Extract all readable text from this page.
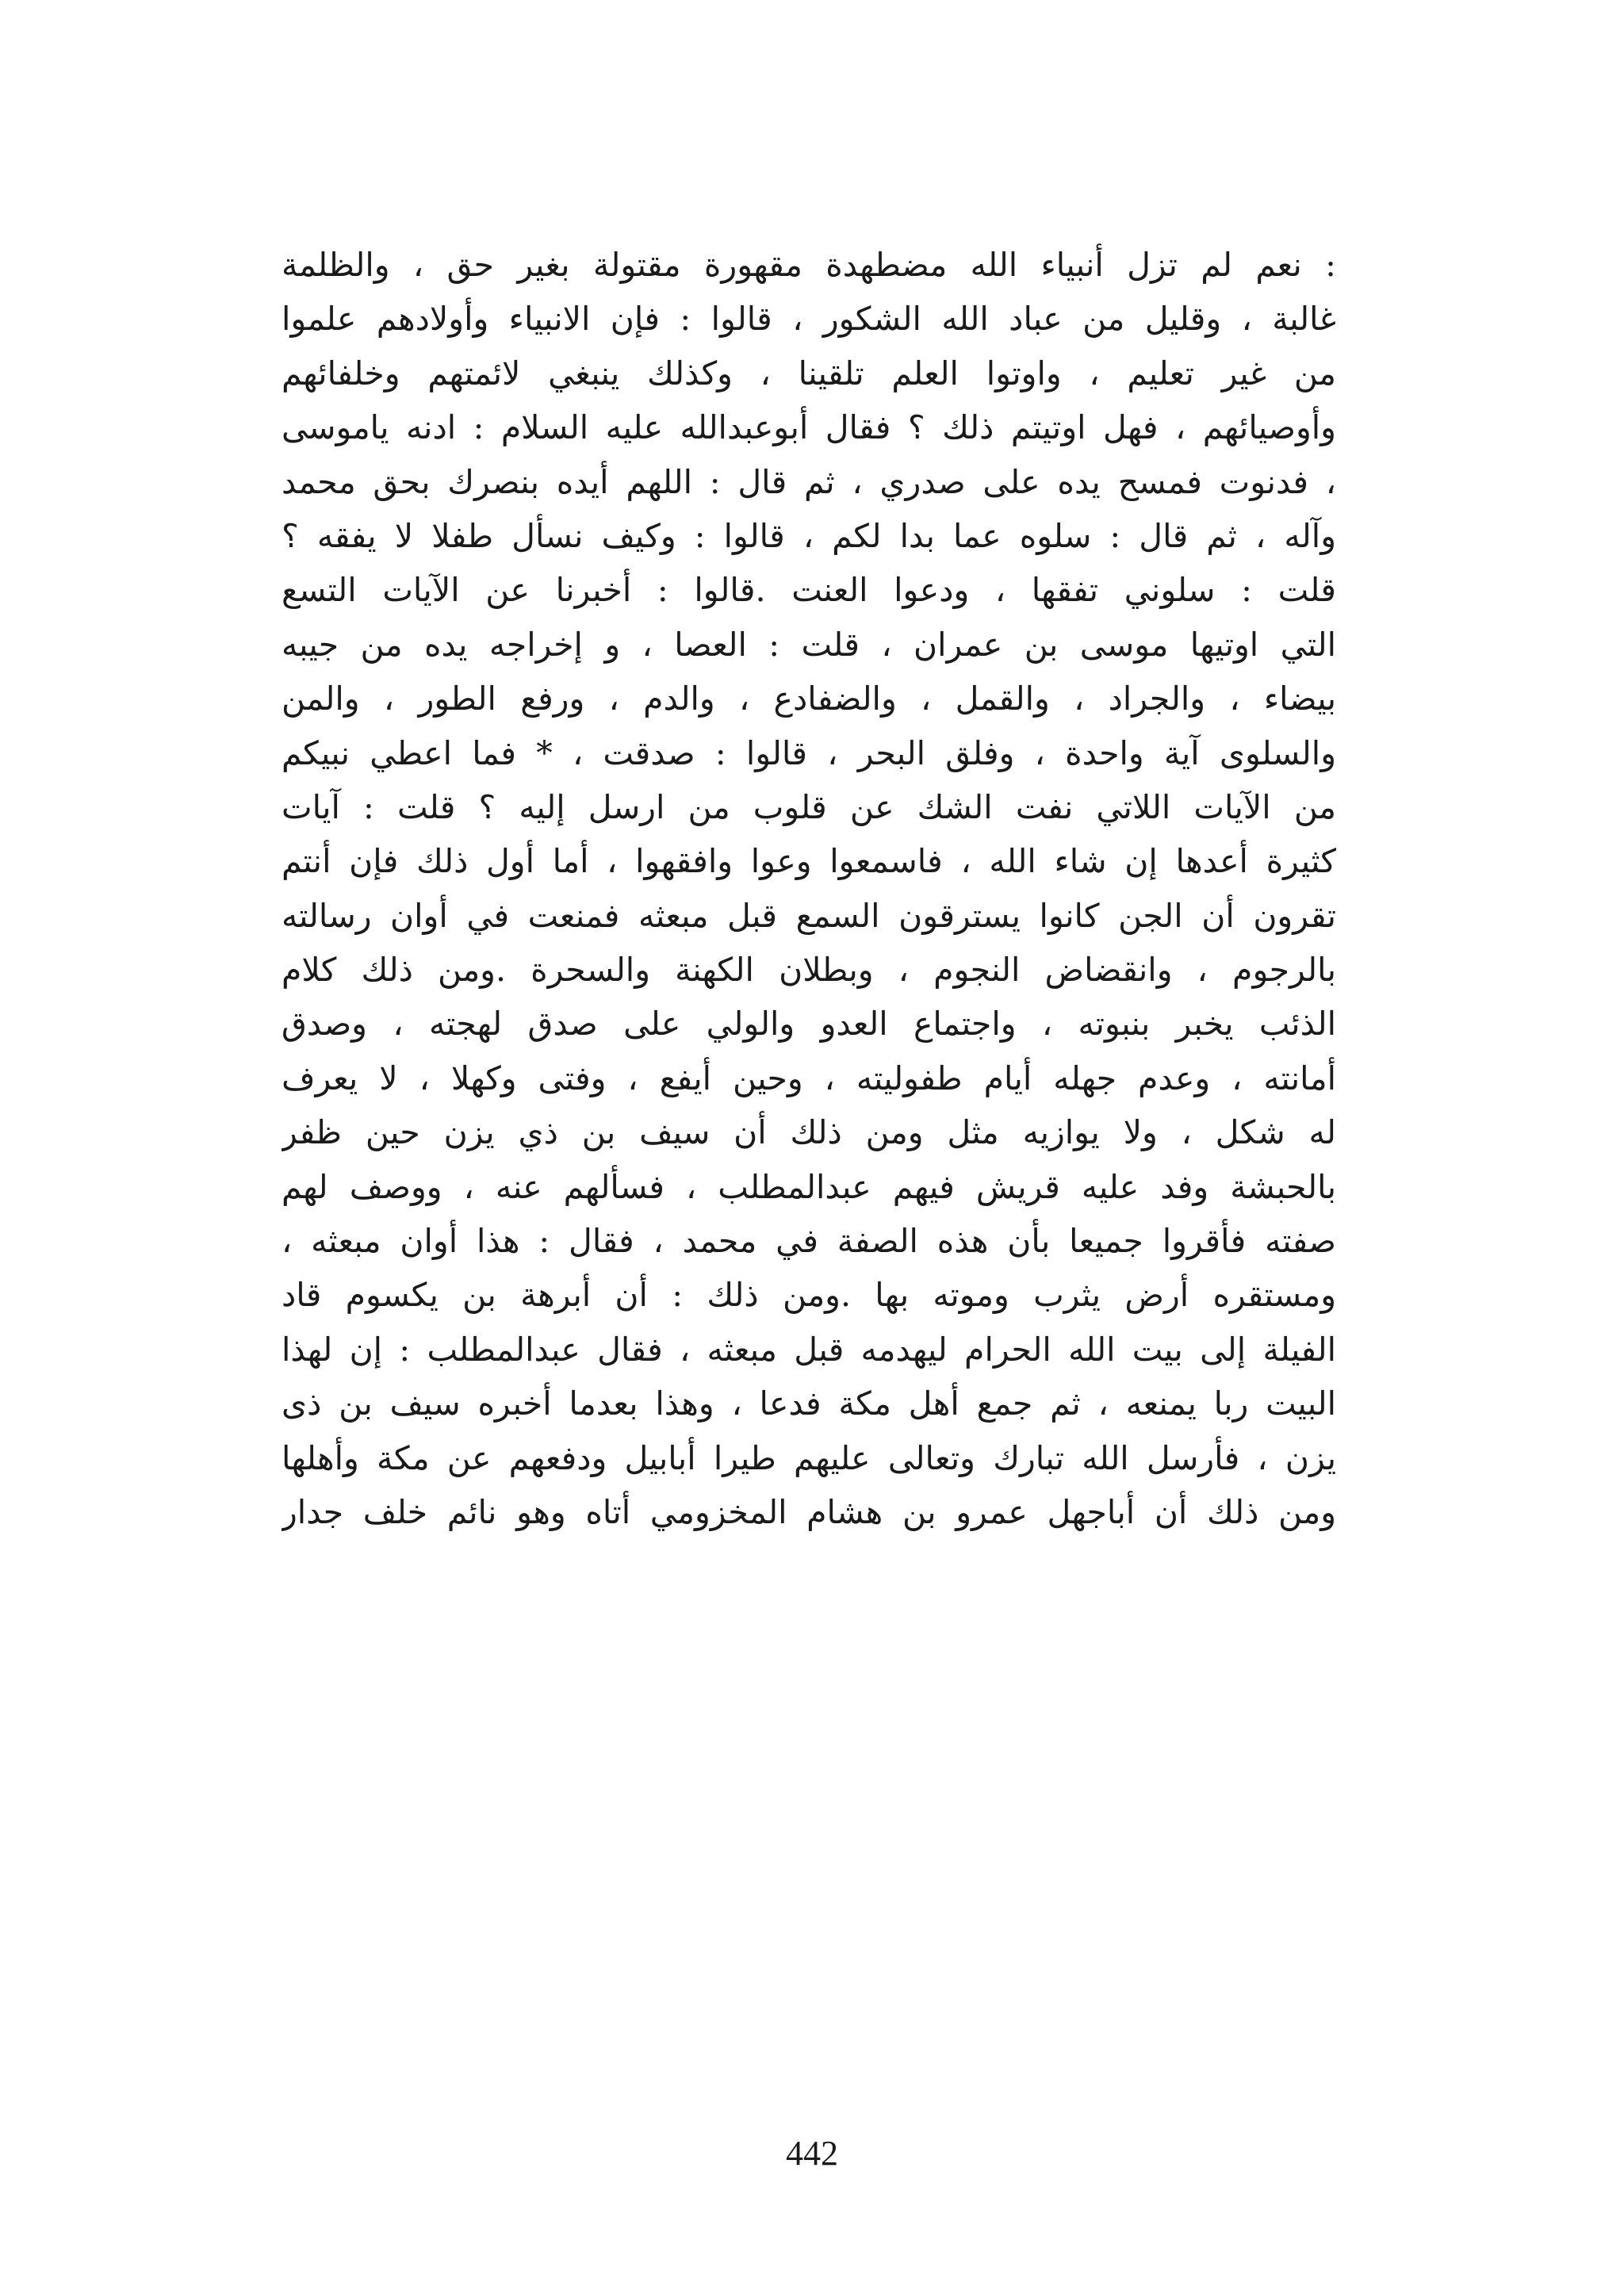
: نعم لم تزل أنبياء الله مضطهدة مقهورة مقتولة بغير حق ، والظلمة
غالبة ، وقليل من عباد الله الشكور ، قالوا : فإن الانبياء وأولادهم علموا
من غير تعليم ، واوتوا العلم تلقينا ، وكذلك ينبغي لائمتهم وخلفائهم
وأوصيائهم ، فهل اوتيتم ذلك ؟ فقال أبوعبدالله عليه السلام : ادنه ياموسى
، فدنوت فمسح يده على صدري ، ثم قال : اللهم أيده بنصرك بحق محمد
وآله ، ثم قال : سلوه عما بدا لكم ، قالوا : وكيف نسأل طفلا لا يفقه ؟
قلت : سلوني تفقها ، ودعوا العنت .قالوا : أخبرنا عن الآيات التسع
التي اوتيها موسى بن عمران ، قلت : العصا ، و إخراجه يده من جيبه
بيضاء ، والجراد ، والقمل ، والضفادع ، والدم ، ورفع الطور ، والمن
والسلوى آية واحدة ، وفلق البحر ، قالوا : صدقت ، * فما اعطي نبيكم
من الآيات اللاتي نفت الشك عن قلوب من ارسل إليه ؟ قلت : آيات
كثيرة أعدها إن شاء الله ، فاسمعوا وعوا وافقهوا ، أما أول ذلك فإن أنتم
تقرون أن الجن كانوا يسترقون السمع قبل مبعثه فمنعت في أوان رسالته
بالرجوم ، وانقضاض النجوم ، وبطلان الكهنة والسحرة .ومن ذلك كلام
الذئب يخبر بنبوته ، واجتماع العدو والولي على صدق لهجته ، وصدق
أمانته ، وعدم جهله أيام طفوليته ، وحين أيفع ، وفتى وكهلا ، لا يعرف
له شكل ، ولا يوازيه مثل ومن ذلك أن سيف بن ذي يزن حين ظفر
بالحبشة وفد عليه قريش فيهم عبدالمطلب ، فسألهم عنه ، ووصف لهم
صفته فأقروا جميعا بأن هذه الصفة في محمد ، فقال : هذا أوان مبعثه ،
ومستقره أرض يثرب وموته بها .ومن ذلك : أن أبرهة بن يكسوم قاد
الفيلة إلى بيت الله الحرام ليهدمه قبل مبعثه ، فقال عبدالمطلب : إن لهذا
البيت ربا يمنعه ، ثم جمع أهل مكة فدعا ، وهذا بعدما أخبره سيف بن ذى
يزن ، فأرسل الله تبارك وتعالى عليهم طيرا أبابيل ودفعهم عن مكة وأهلها
ومن ذلك أن أباجهل عمرو بن هشام المخزومي أتاه وهو نائم خلف جدار
442
